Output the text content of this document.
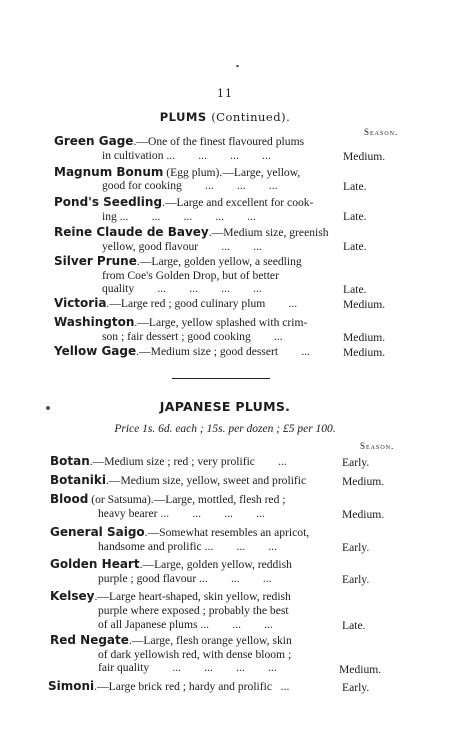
11
PLUMS (Continued).
Season.
Green Gage.—One of the finest flavoured plums
in cultivation ...        ...        ...        ...	Medium.
Magnum Bonum (Egg plum).—Large, yellow,
good for cooking        ...        ...        ...	Late.
Pond's Seedling.—Large and excellent for cook-
ing ...        ...        ...        ...        ...	Late.
Reine Claude de Bavey.—Medium size, greenish
yellow, good flavour        ...        ...	Late.
Silver Prune.—Large, golden yellow, a seedling
from Coe's Golden Drop, but of better
quality        ...        ...        ...        ...	Late.
Victoria.—Large red ; good culinary plum        ...	Medium.
Washington.—Large, yellow splashed with crim-
son ; fair dessert ; good cooking        ...	Medium.
Yellow Gage.—Medium size ; good dessert        ...	Medium.
JAPANESE PLUMS.
Price 1s. 6d. each ; 15s. per dozen ; £5 per 100.
Season.
Botan.—Medium size ; red ; very prolific        ...	Early.
Botaniki.—Medium size, yellow, sweet and prolific	Medium.
Blood (or Satsuma).—Large, mottled, flesh red ;
heavy bearer ...        ...        ...        ...	Medium.
General Saigo.—Somewhat resembles an apricot,
handsome and prolific ...        ...        ...	Early.
Golden Heart.—Large, golden yellow, reddish
purple ; good flavour ...        ...        ...	Early.
Kelsey.—Large heart-shaped, skin yellow, redish
purple where exposed ; probably the best
of all Japanese plums ...        ...        ...	Late.
Red Negate.—Large, flesh orange yellow, skin
of dark yellowish red, with dense bloom ;
fair quality        ...        ...        ...        ...	Medium.
Simoni.—Large brick red ; hardy and prolific   ...	Early.
